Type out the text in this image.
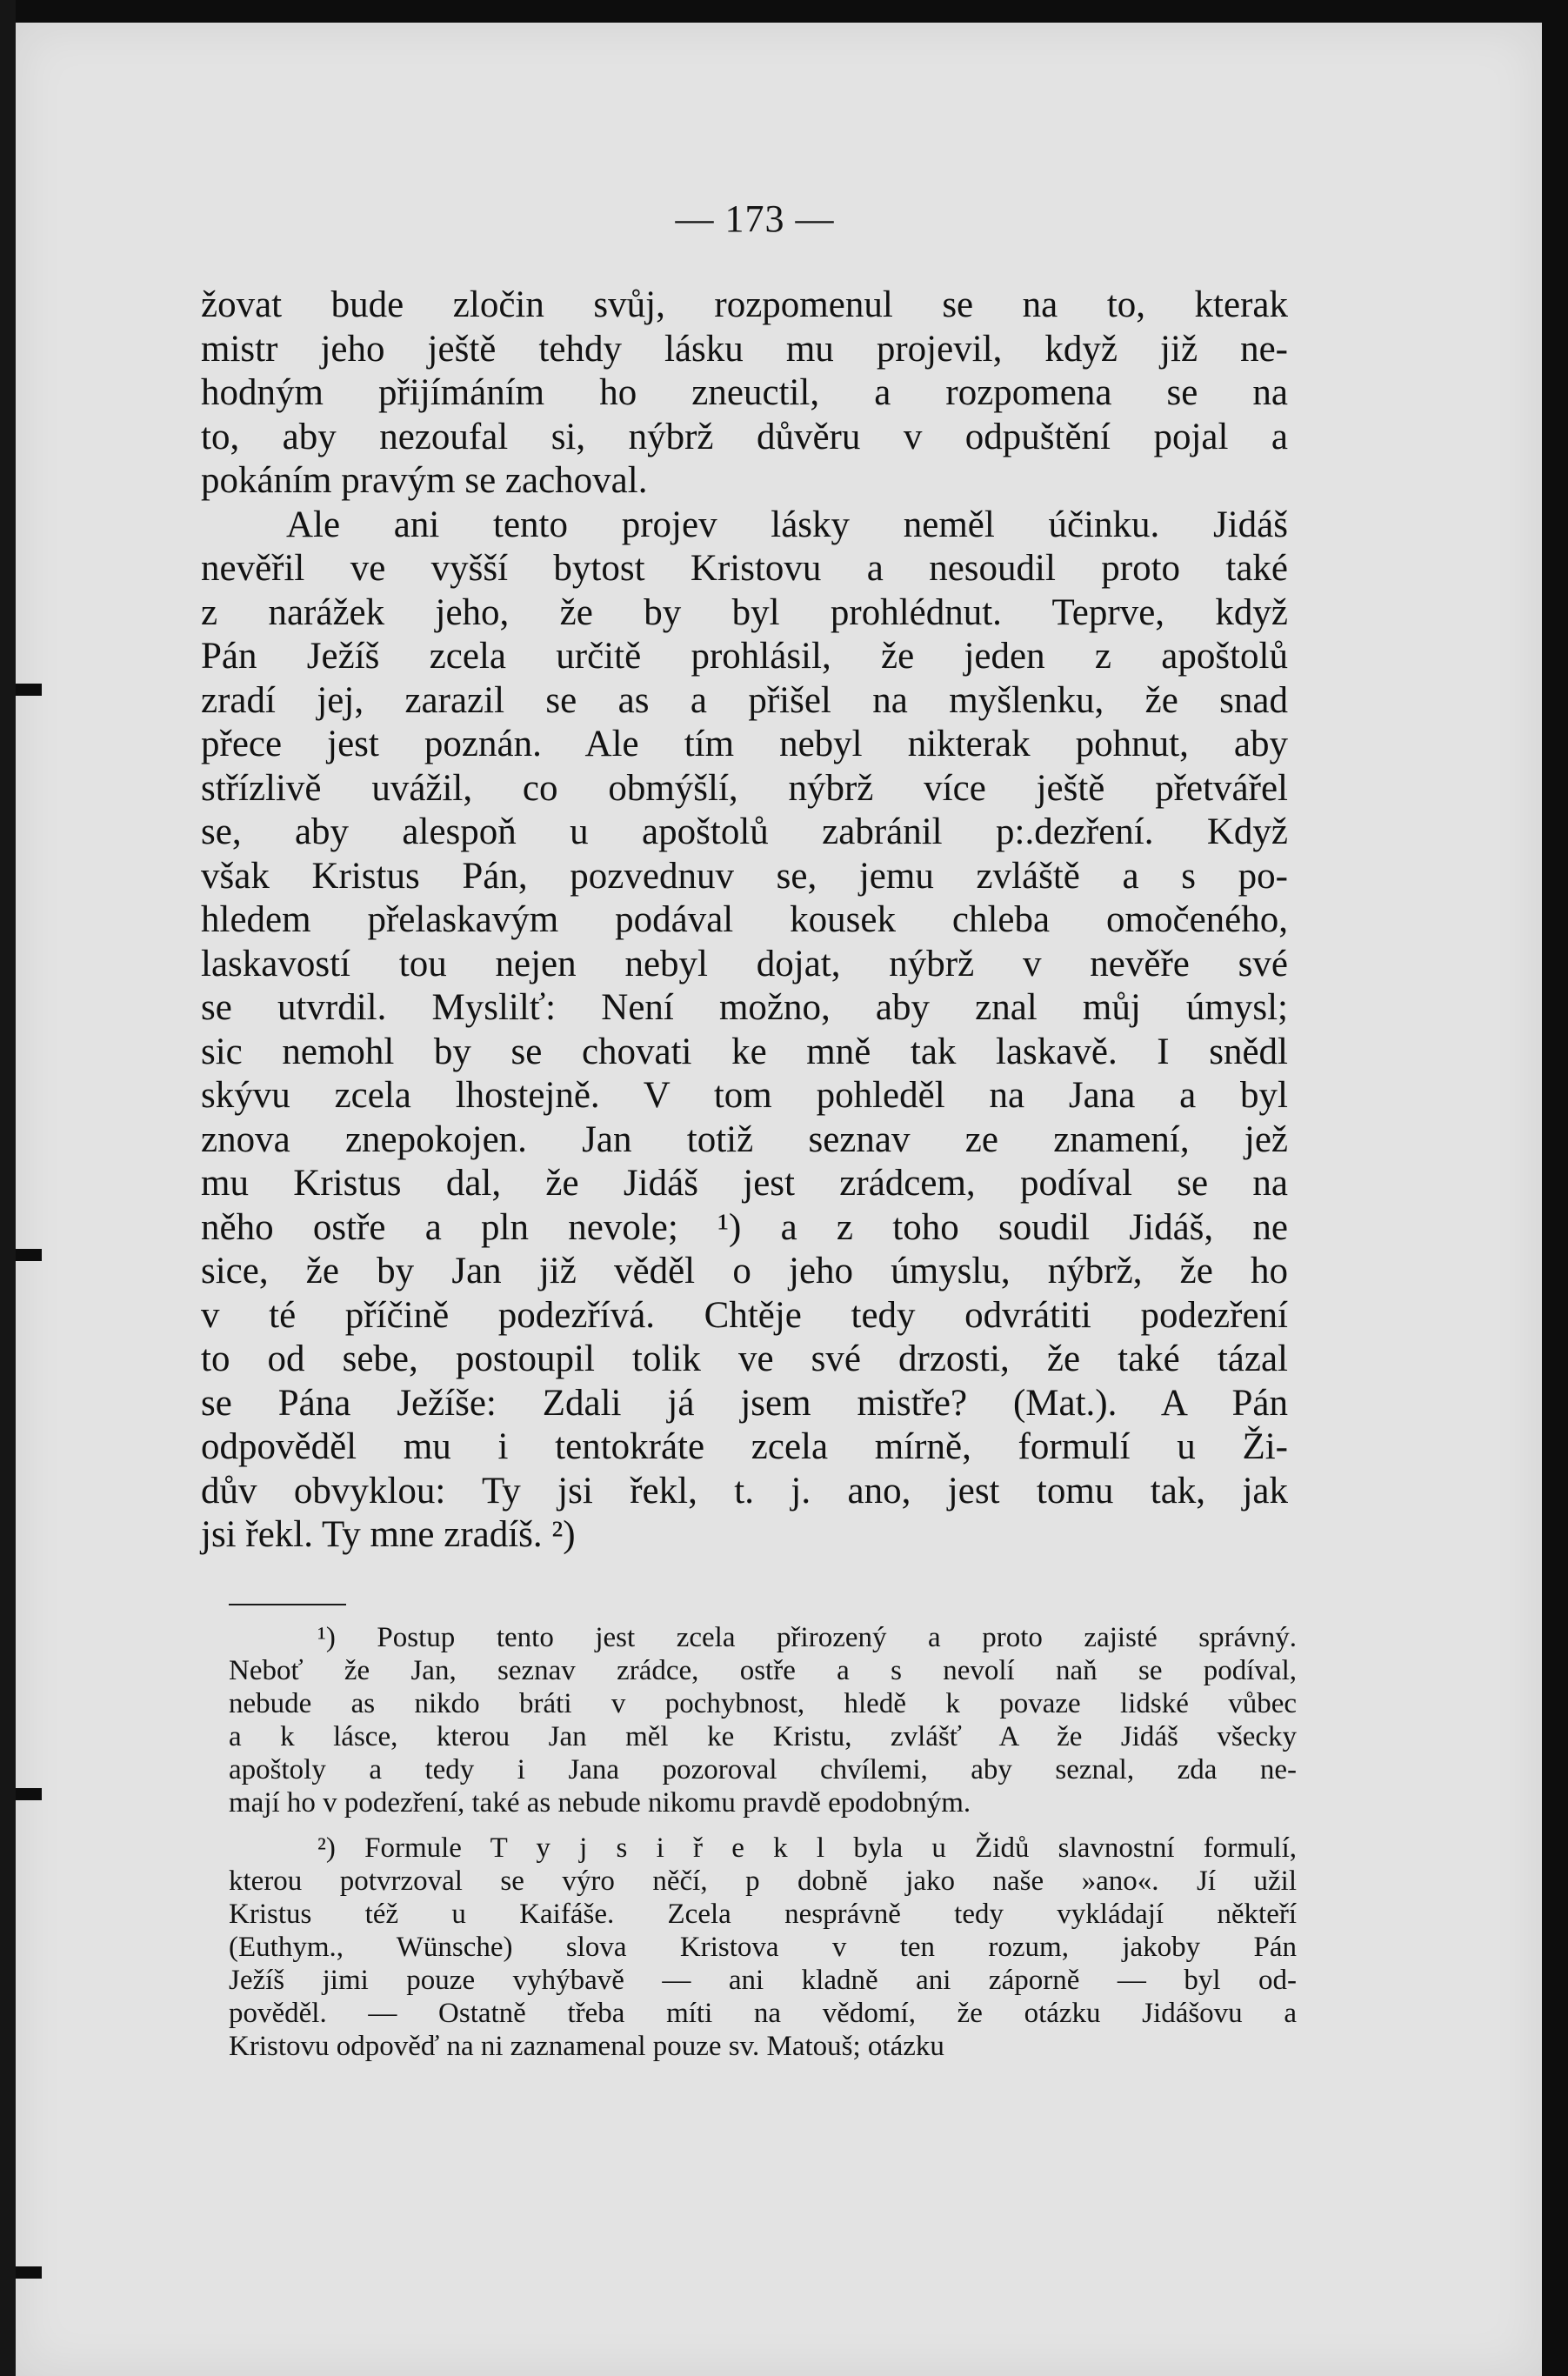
— 173 —
žovat bude zločin svůj, rozpomenul se na to, kterak
mistr jeho ještě tehdy lásku mu projevil, když již ne-
hodným přijímáním ho zneuctil, a rozpomena se na
to, aby nezoufal si, nýbrž důvěru v odpuštění pojal a
pokáním pravým se zachoval.
Ale ani tento projev lásky neměl účinku. Jidáš
nevěřil ve vyšší bytost Kristovu a nesoudil proto také
z narážek jeho, že by byl prohlédnut. Teprve, když
Pán Ježíš zcela určitě prohlásil, že jeden z apoštolů
zradí jej, zarazil se as a přišel na myšlenku, že snad
přece jest poznán. Ale tím nebyl nikterak pohnut, aby
střízlivě uvážil, co obmýšlí, nýbrž více ještě přetvářel
se, aby alespoň u apoštolů zabránil p:.dezření. Když
však Kristus Pán, pozvednuv se, jemu zvláště a s po-
hledem přelaskavým podával kousek chleba omočeného,
laskavostí tou nejen nebyl dojat, nýbrž v nevěře své
se utvrdil. Myslilť: Není možno, aby znal můj úmysl;
sic nemohl by se chovati ke mně tak laskavě. I snědl
skývu zcela lhostejně. V tom pohleděl na Jana a byl
znova znepokojen. Jan totiž seznav ze znamení, jež
mu Kristus dal, že Jidáš jest zrádcem, podíval se na
něho ostře a pln nevole; ¹) a z toho soudil Jidáš, ne
sice, že by Jan již věděl o jeho úmyslu, nýbrž, že ho
v té příčině podezřívá. Chtěje tedy odvrátiti podezření
to od sebe, postoupil tolik ve své drzosti, že také tázal
se Pána Ježíše: Zdali já jsem mistře? (Mat.). A Pán
odpověděl mu i tentokráte zcela mírně, formulí u Ži-
dův obvyklou: Ty jsi řekl, t. j. ano, jest tomu tak, jak
jsi řekl. Ty mne zradíš. ²)
¹) Postup tento jest zcela přirozený a proto zajisté správný.
Neboť že Jan, seznav zrádce, ostře a s nevolí naň se podíval,
nebude as nikdo bráti v pochybnost, hledě k povaze lidské vůbec
a k lásce, kterou Jan měl ke Kristu, zvlášť A že Jidáš všecky
apoštoly a tedy i Jana pozoroval chvílemi, aby seznal, zda ne-
mají ho v podezření, také as nebude nikomu pravdě epodobným.
²) Formule T y j s i ř e k l byla u Židů slavnostní formulí,
kterou potvrzoval se výro něčí, p dobně jako naše »ano«. Jí užil
Kristus též u Kaifáše. Zcela nesprávně tedy vykládají někteří
(Euthym., Wünsche) slova Kristova v ten rozum, jakoby Pán
Ježíš jimi pouze vyhýbavě — ani kladně ani záporně — byl od-
pověděl. — Ostatně třeba míti na vědomí, že otázku Jidášovu a
Kristovu odpověď na ni zaznamenal pouze sv. Matouš; otázku
